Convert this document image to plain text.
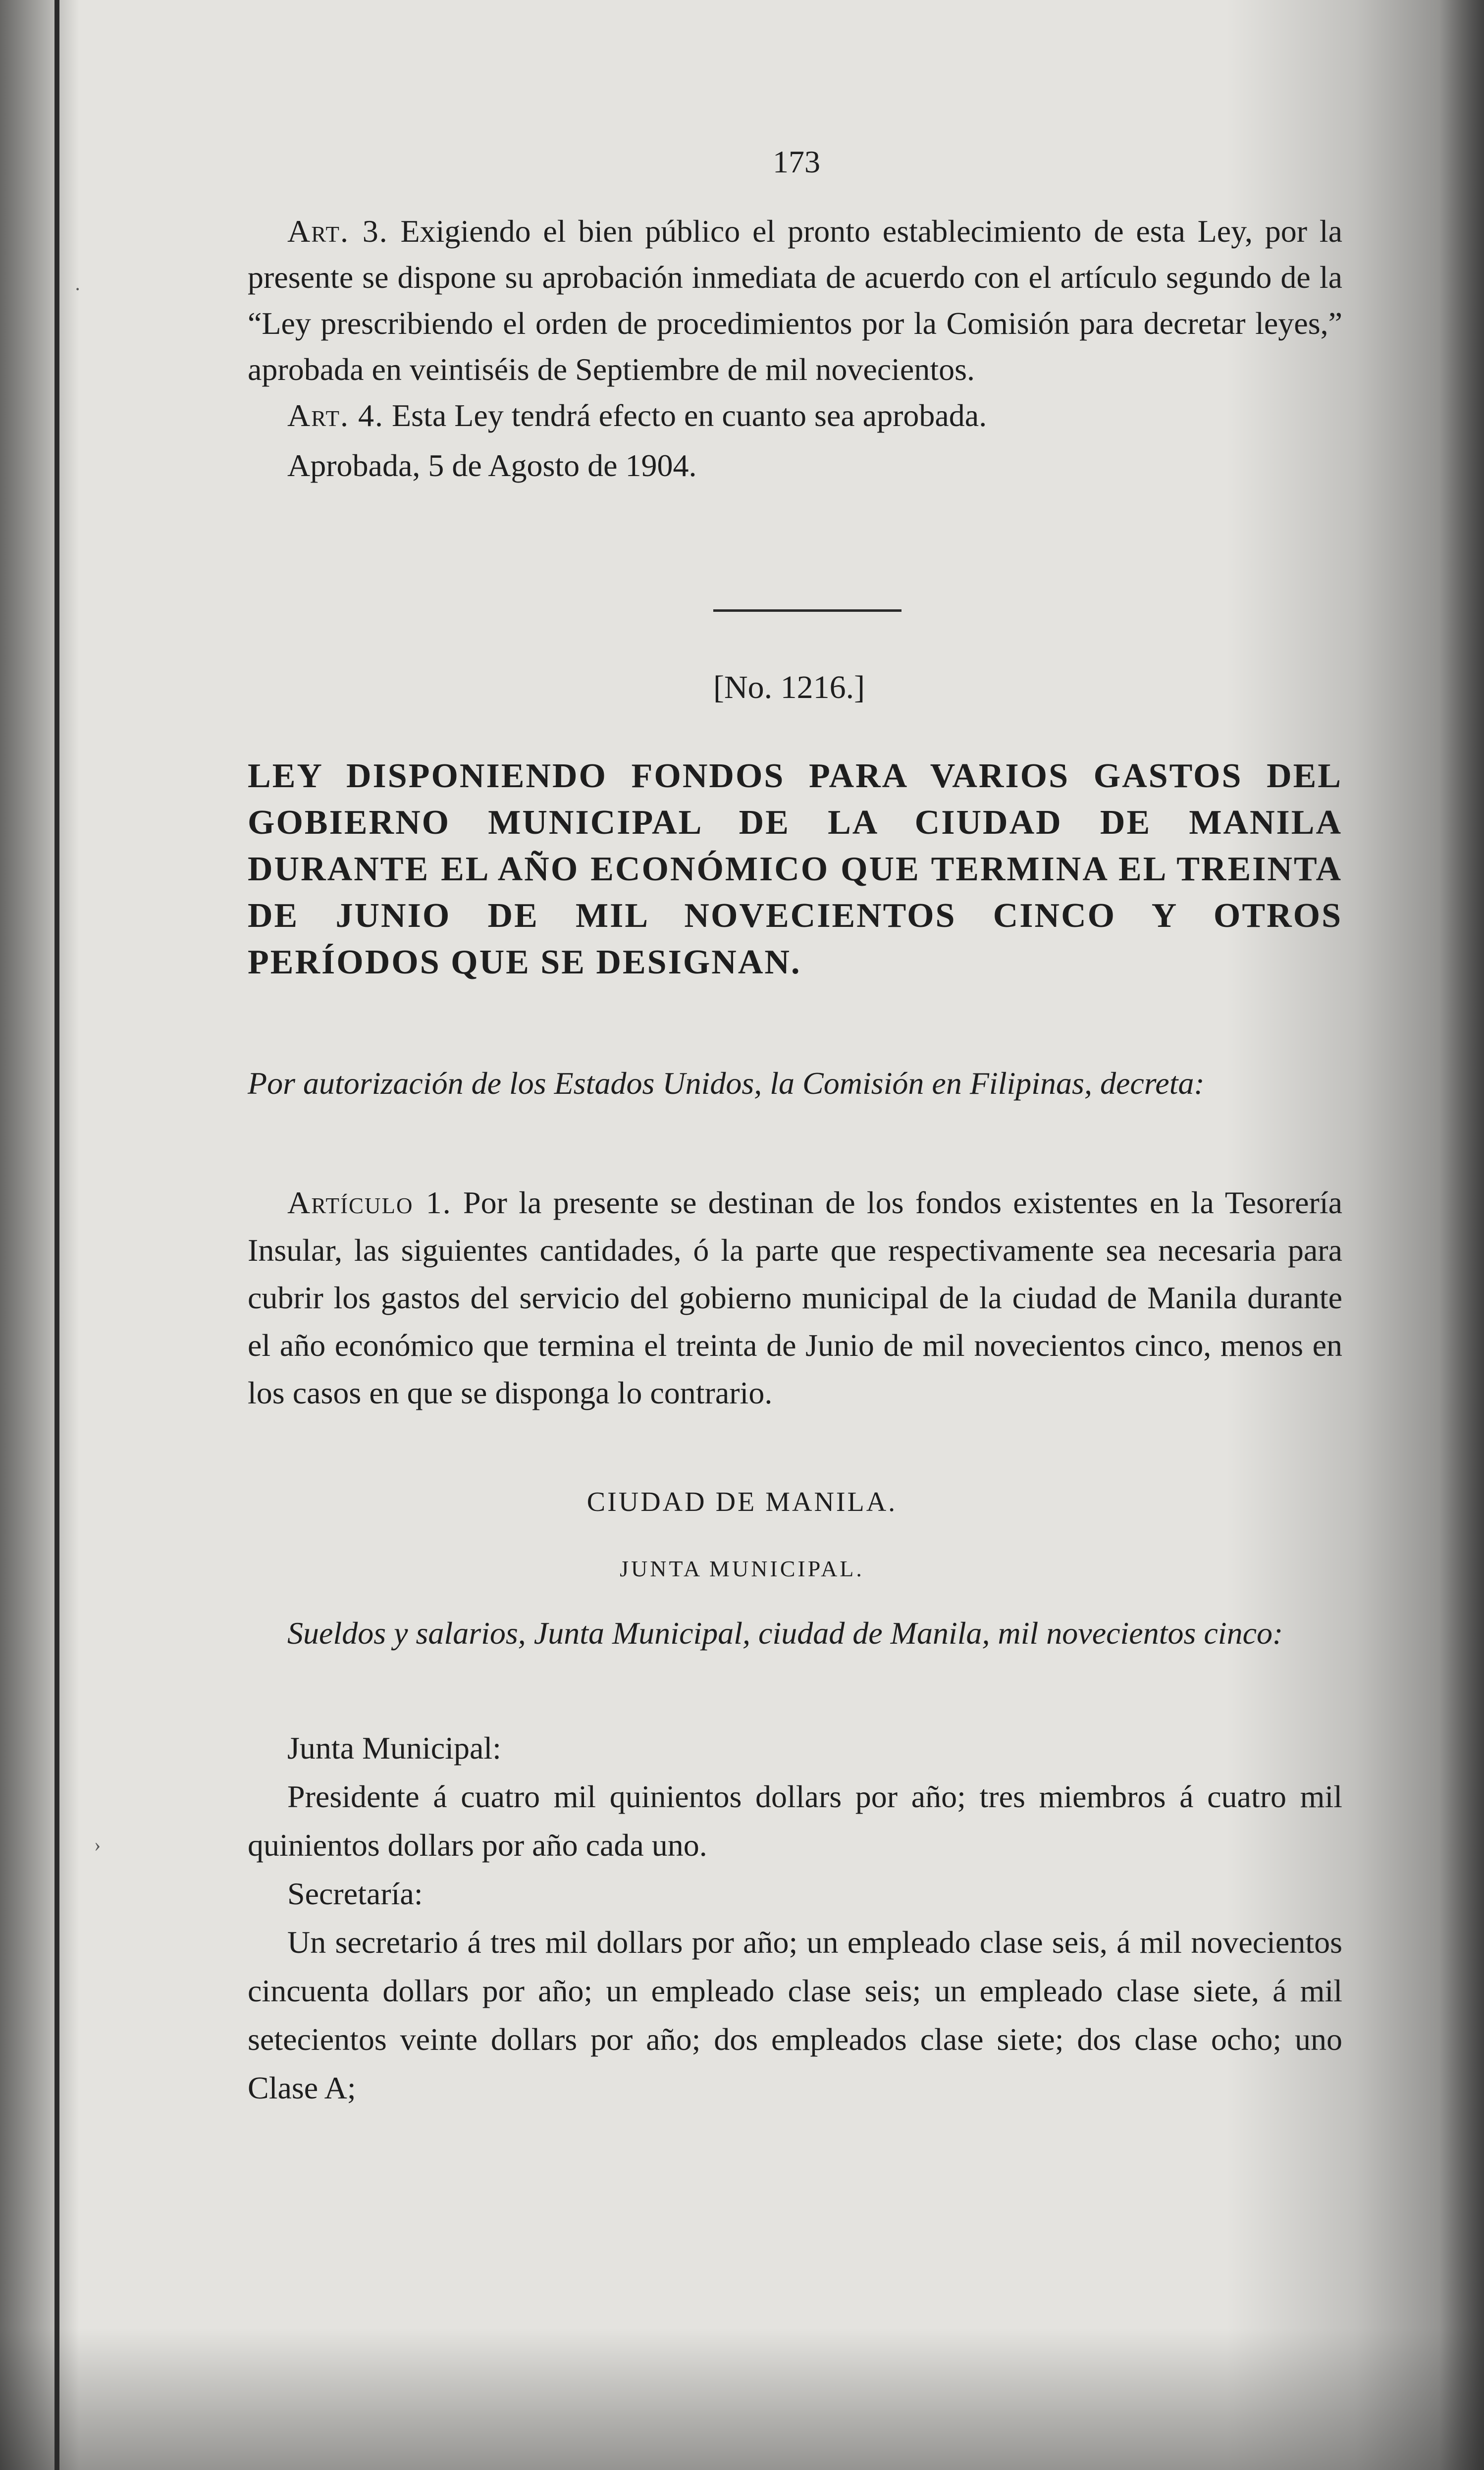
173

Art. 3. Exigiendo el bien público el pronto establecimiento de esta Ley, por la presente se dispone su aprobación inmediata de acuerdo con el artículo segundo de la “Ley prescribiendo el orden de procedimientos por la Comisión para decretar leyes,” aprobada en veintiséis de Septiembre de mil novecientos.

Art. 4. Esta Ley tendrá efecto en cuanto sea aprobada.

Aprobada, 5 de Agosto de 1904.

[No. 1216.]
LEY DISPONIENDO FONDOS PARA VARIOS GASTOS DEL GOBIERNO MUNICIPAL DE LA CIUDAD DE MANILA DURANTE EL AÑO ECONÓMICO QUE TERMINA EL TREINTA DE JUNIO DE MIL NOVECIENTOS CINCO Y OTROS PERÍODOS QUE SE DESIGNAN.
Por autorización de los Estados Unidos, la Comisión en Filipinas, decreta:

Artículo 1. Por la presente se destinan de los fondos existentes en la Tesorería Insular, las siguientes cantidades, ó la parte que respectivamente sea necesaria para cubrir los gastos del servicio del gobierno municipal de la ciudad de Manila durante el año económico que termina el treinta de Junio de mil novecientos cinco, menos en los casos en que se disponga lo contrario.

CIUDAD DE MANILA.
JUNTA MUNICIPAL.
Sueldos y salarios, Junta Municipal, ciudad de Manila, mil novecientos cinco:

Junta Municipal:

Presidente á cuatro mil quinientos dollars por año; tres miembros á cuatro mil quinientos dollars por año cada uno.

Secretaría:

Un secretario á tres mil dollars por año; un empleado clase seis, á mil novecientos cincuenta dollars por año; un empleado clase seis; un empleado clase siete, á mil setecientos veinte dollars por año; dos empleados clase siete; dos clase ocho; uno Clase A;

·
›
